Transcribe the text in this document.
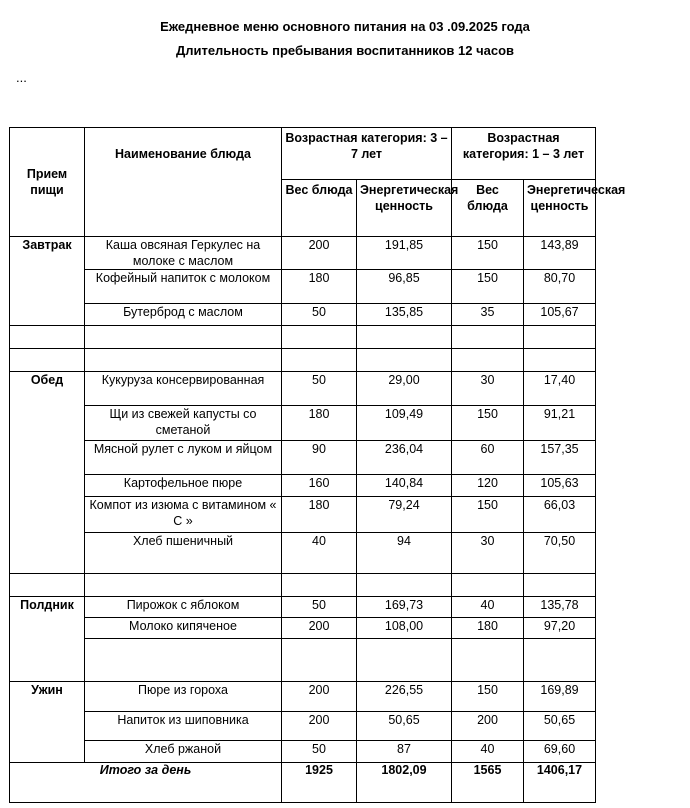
Ежедневное меню основного питания на 03 .09.2025 года
Длительность пребывания воспитанников 12 часов
...
Прием пищи	Наименование блюда	Возрастная категория: 3 – 7 лет		Возрастная категория: 1 – 3 лет	
		Вес блюда	Энергетическая ценность	Вес блюда	Энергетическая ценность
Завтрак	Каша овсяная Геркулес на молоке с маслом	200	191,85	150	143,89
	Кофейный напиток с молоком	180	96,85	150	80,70
	Бутерброд с маслом	50	135,85	35	105,67

Обед	Кукуруза консервированная	50	29,00	30	17,40
	Щи из свежей капусты со сметаной	180	109,49	150	91,21
	Мясной рулет с луком и яйцом	90	236,04	60	157,35
	Картофельное пюре	160	140,84	120	105,63
	Компот из изюма с витамином « С »	180	79,24	150	66,03
	Хлеб пшеничный	40	94	30	70,50

Полдник	Пирожок с яблоком	50	169,73	40	135,78
	Молоко кипяченое	200	108,00	180	97,20

Ужин	Пюре из гороха	200	226,55	150	169,89
	Напиток из шиповника	200	50,65	200	50,65
	Хлеб ржаной	50	87	40	69,60
Итого за день		1925	1802,09	1565	1406,17
